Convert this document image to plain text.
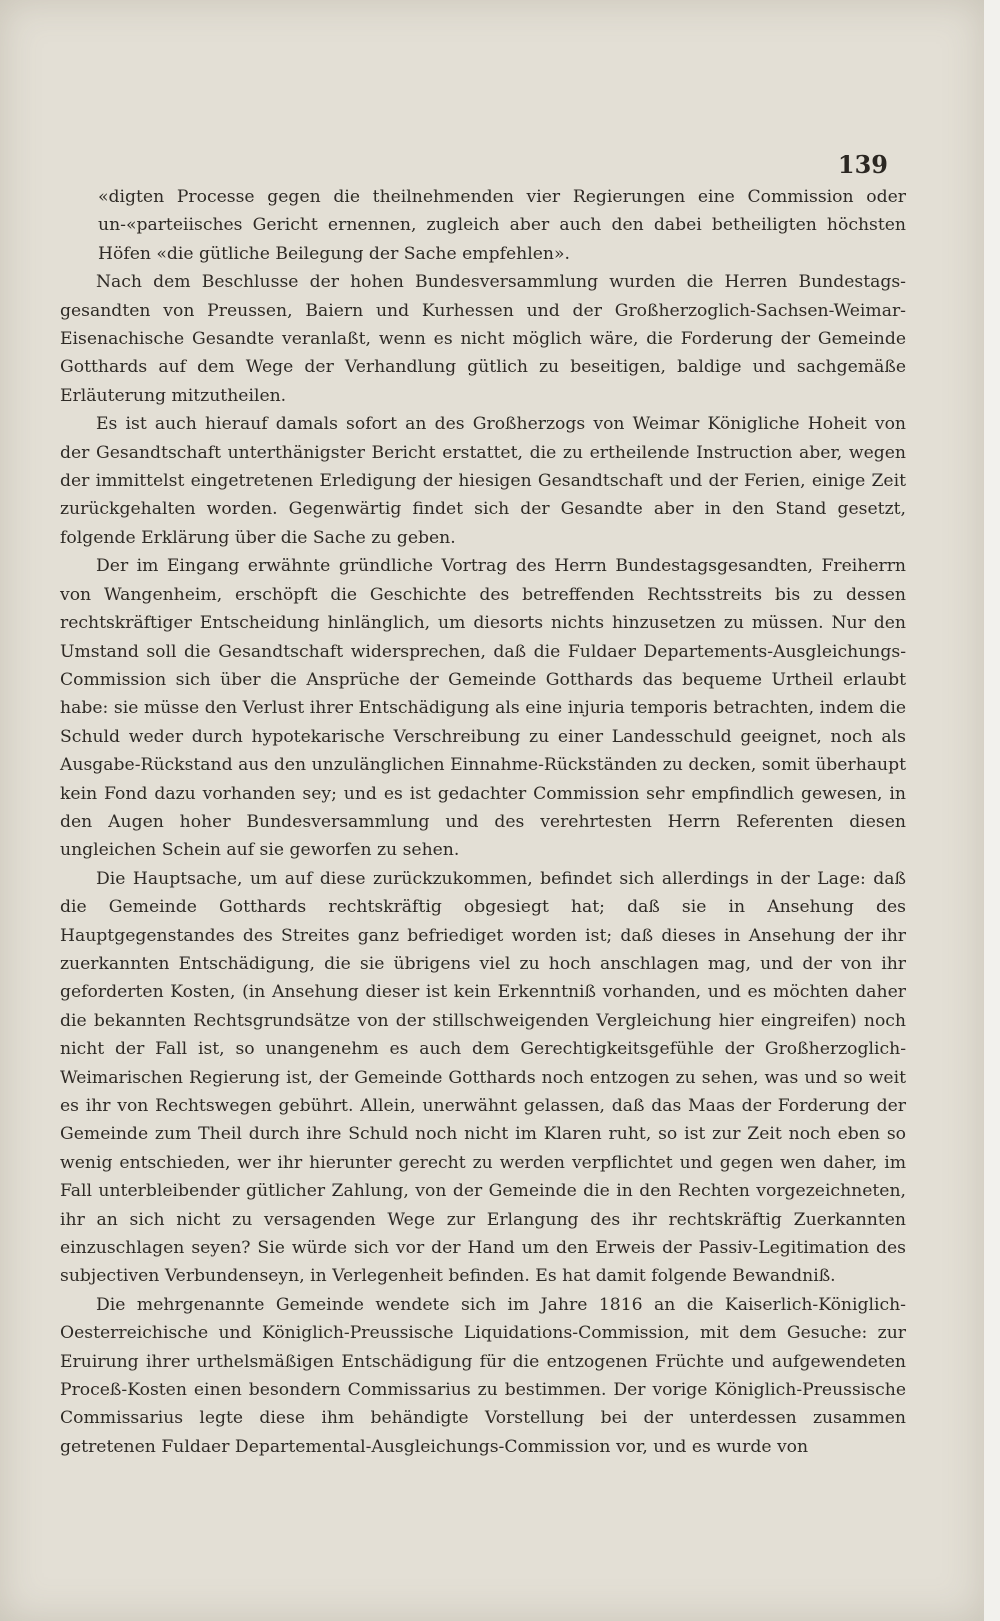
139

«digten Processe gegen die theilnehmenden vier Regierungen eine Commission oder un-«parteiisches Gericht ernennen, zugleich aber auch den dabei betheiligten höchsten Höfen «die gütliche Beilegung der Sache empfehlen».

Nach dem Beschlusse der hohen Bundesversammlung wurden die Herren Bundestags-gesandten von Preussen, Baiern und Kurhessen und der Großherzoglich-Sachsen-Weimar-Eisenachische Gesandte veranlaßt, wenn es nicht möglich wäre, die Forderung der Gemeinde Gotthards auf dem Wege der Verhandlung gütlich zu beseitigen, baldige und sachgemäße Erläuterung mitzutheilen.

Es ist auch hierauf damals sofort an des Großherzogs von Weimar Königliche Hoheit von der Gesandtschaft unterthänigster Bericht erstattet, die zu ertheilende Instruction aber, wegen der immittelst eingetretenen Erledigung der hiesigen Gesandtschaft und der Ferien, einige Zeit zurückgehalten worden. Gegenwärtig findet sich der Gesandte aber in den Stand gesetzt, folgende Erklärung über die Sache zu geben.

Der im Eingang erwähnte gründliche Vortrag des Herrn Bundestagsgesandten, Freiherrn von Wangenheim, erschöpft die Geschichte des betreffenden Rechtsstreits bis zu dessen rechtskräftiger Entscheidung hinlänglich, um diesorts nichts hinzusetzen zu müssen. Nur den Umstand soll die Gesandtschaft widersprechen, daß die Fuldaer Departements-Ausgleichungs-Commission sich über die Ansprüche der Gemeinde Gotthards das bequeme Urtheil erlaubt habe: sie müsse den Verlust ihrer Entschädigung als eine injuria temporis betrachten, indem die Schuld weder durch hypotekarische Verschreibung zu einer Landesschuld geeignet, noch als Ausgabe-Rückstand aus den unzulänglichen Einnahme-Rückständen zu decken, somit überhaupt kein Fond dazu vorhanden sey; und es ist gedachter Commission sehr empfindlich gewesen, in den Augen hoher Bundesversammlung und des verehrtesten Herrn Referenten diesen ungleichen Schein auf sie geworfen zu sehen.

Die Hauptsache, um auf diese zurückzukommen, befindet sich allerdings in der Lage: daß die Gemeinde Gotthards rechtskräftig obgesiegt hat; daß sie in Ansehung des Hauptgegenstandes des Streites ganz befriediget worden ist; daß dieses in Ansehung der ihr zuerkannten Entschädigung, die sie übrigens viel zu hoch anschlagen mag, und der von ihr geforderten Kosten, (in Ansehung dieser ist kein Erkenntniß vorhanden, und es möchten daher die bekannten Rechtsgrundsätze von der stillschweigenden Vergleichung hier eingreifen) noch nicht der Fall ist, so unangenehm es auch dem Gerechtigkeitsgefühle der Großherzoglich-Weimarischen Regierung ist, der Gemeinde Gotthards noch entzogen zu sehen, was und so weit es ihr von Rechtswegen gebührt. Allein, unerwähnt gelassen, daß das Maas der Forderung der Gemeinde zum Theil durch ihre Schuld noch nicht im Klaren ruht, so ist zur Zeit noch eben so wenig entschieden, wer ihr hierunter gerecht zu werden verpflichtet und gegen wen daher, im Fall unterbleibender gütlicher Zahlung, von der Gemeinde die in den Rechten vorgezeichneten, ihr an sich nicht zu versagenden Wege zur Erlangung des ihr rechtskräftig Zuerkannten einzuschlagen seyen? Sie würde sich vor der Hand um den Erweis der Passiv-Legitimation des subjectiven Verbundenseyn, in Verlegenheit befinden. Es hat damit folgende Bewandniß.

Die mehrgenannte Gemeinde wendete sich im Jahre 1816 an die Kaiserlich-Königlich-Oesterreichische und Königlich-Preussische Liquidations-Commission, mit dem Gesuche: zur Eruirung ihrer urthelsmäßigen Entschädigung für die entzogenen Früchte und aufgewendeten Proceß-Kosten einen besondern Commissarius zu bestimmen. Der vorige Königlich-Preussische Commissarius legte diese ihm behändigte Vorstellung bei der unterdessen zusammen getretenen Fuldaer Departemental-Ausgleichungs-Commission vor, und es wurde von
